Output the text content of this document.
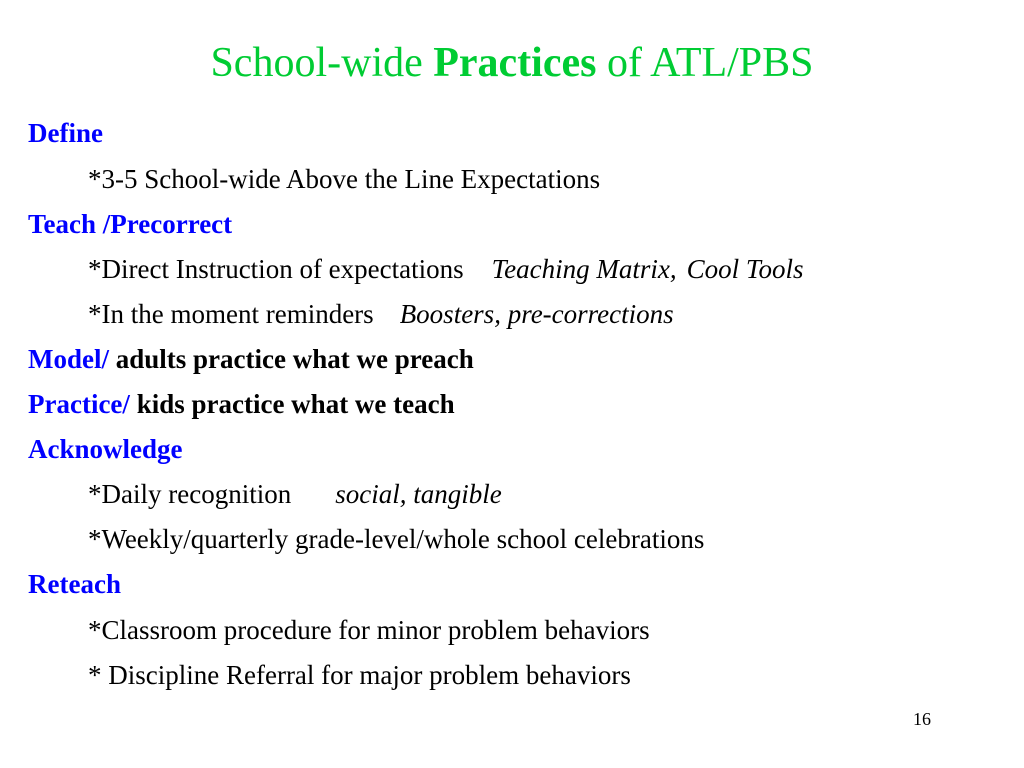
School-wide Practices of ATL/PBS
Define
*3-5 School-wide Above the Line Expectations
Teach /Precorrect
*Direct Instruction of expectations Teaching Matrix, Cool Tools
*In the moment reminders Boosters, pre-corrections
Model/ adults practice what we preach
Practice/ kids practice what we teach
Acknowledge
*Daily recognition social, tangible
*Weekly/quarterly grade-level/whole school celebrations
Reteach
*Classroom procedure for minor problem behaviors
* Discipline Referral for major problem behaviors
16
